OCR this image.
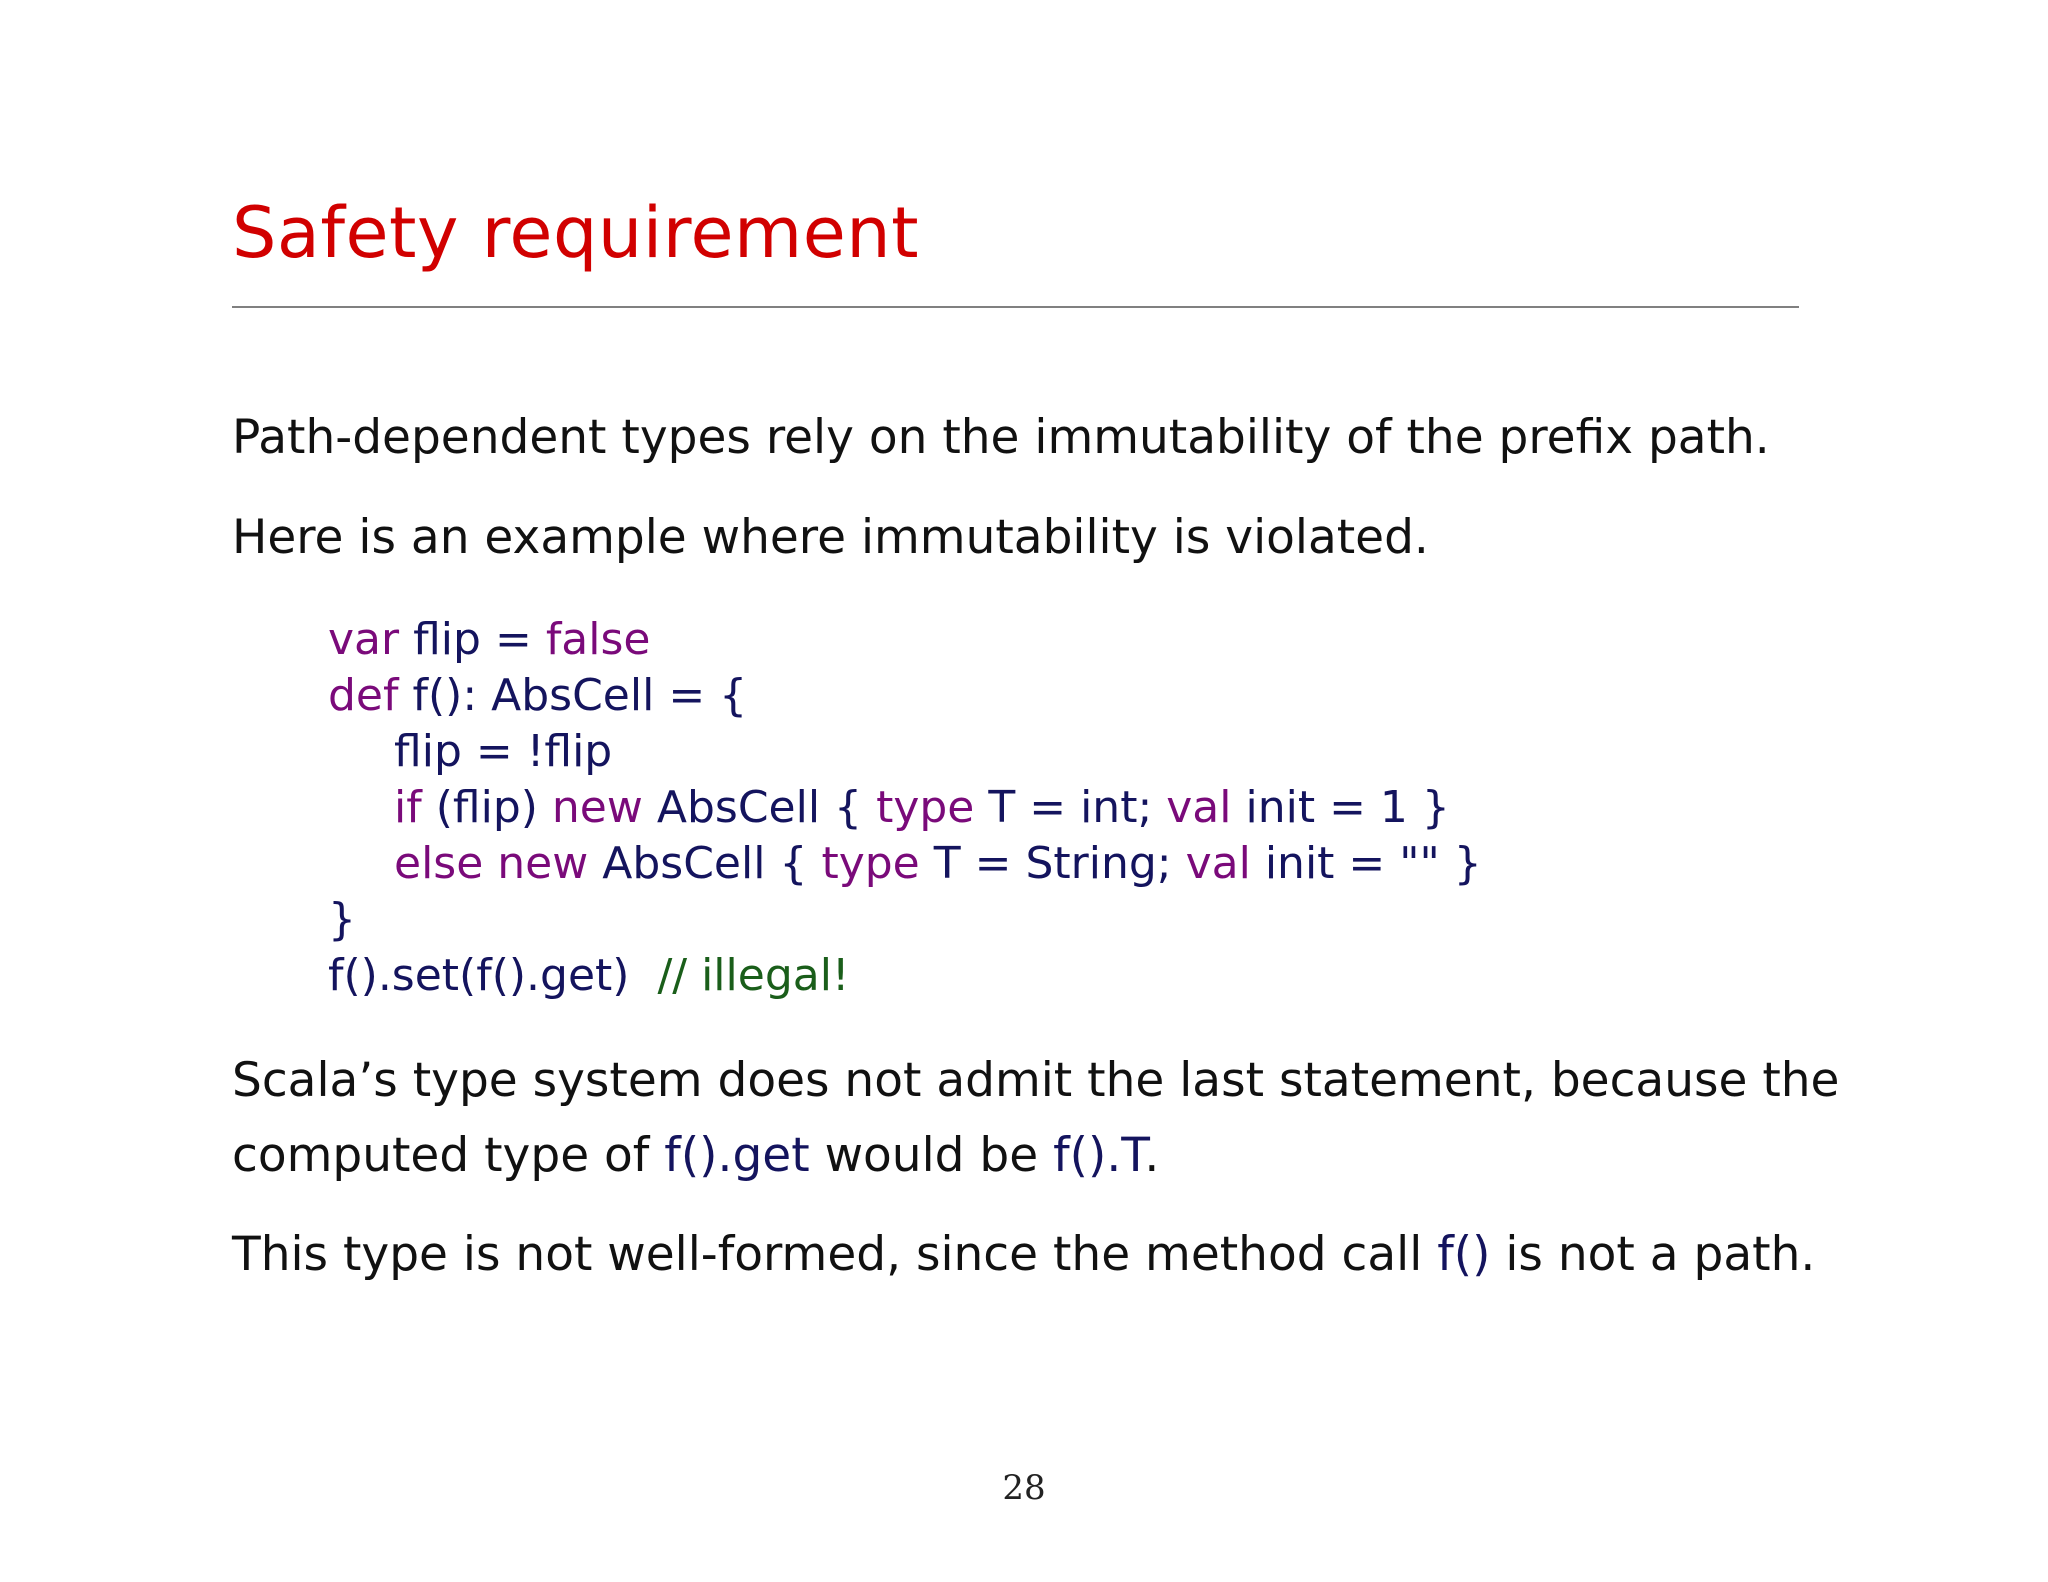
Safety requirement
Path-dependent types rely on the immutability of the prefix path.
Here is an example where immutability is violated.
var flip = false
def f(): AbsCell = {
flip = !flip
if (flip) new AbsCell { type T = int; val init = 1 }
else new AbsCell { type T = String; val init = "" }
}
f().set(f().get) // illegal!
Scala’s type system does not admit the last statement, because the
computed type of f().get would be f().T.
This type is not well-formed, since the method call f() is not a path.
28
